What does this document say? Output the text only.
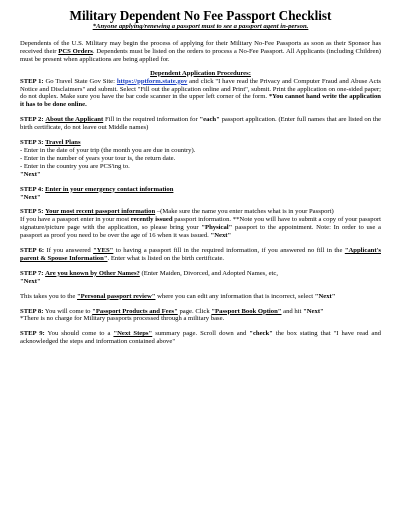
Military Dependent No Fee Passport Checklist
*Anyone applying/renewing a passport must to see a passport agent in-person.

Dependents of the U.S. Military may begin the process of applying for their Military No-Fee Passports as soon as their Sponsor has received their PCS Orders. Dependents must be listed on the orders to process a No-Fee Passport. All Applicants (including Children) must be present when applications are being applied for.

Dependent Application Procedures:

STEP 1: Go Travel State Gov Site: https://pptform.state.gov and click "I have read the Privacy and Computer Fraud and Abuse Acts Notice and Disclaimers" and submit. Select "Fill out the application online and Print", submit. Print the application on one-sided paper; do not duplex. Make sure you have the bar code scanner in the upper left corner of the form. *You cannot hand write the application it has to be done online.

STEP 2: About the Applicant Fill in the required information for "each" passport application. (Enter full names that are listed on the birth certificate, do not leave out Middle names)

STEP 3: Travel Plans
- Enter in the date of your trip (the month you are due in country).
- Enter in the number of years your tour is, the return date.
- Enter in the country you are PCS'ing to.
"Next"

STEP 4: Enter in your emergency contact information
"Next"

STEP 5: Your most recent passport information –(Make sure the name you enter matches what is in your Passport)
If you have a passport enter in your most recently issued passport information. **Note you will have to submit a copy of your passport signature/picture page with the application, so please bring your "Physical" passport to the appointment. Note: In order to use a passport as proof you need to be over the age of 16 when it was issued. "Next"

STEP 6: If you answered "YES" to having a passport fill in the required information, if you answered no fill in the "Applicant's parent & Spouse Information". Enter what is listed on the birth certificate.

STEP 7: Are you known by Other Names? (Enter Maiden, Divorced, and Adopted Names, etc,
"Next"

This takes you to the "Personal passport review" where you can edit any information that is incorrect, select "Next"

STEP 8: You will come to "Passport Products and Fees" page. Click "Passport Book Option" and hit "Next"
*There is no charge for Military passports processed through a military base.

STEP 9: You should come to a "Next Steps" summary page. Scroll down and "check" the box stating that "I have read and acknowledged the steps and information contained above"
